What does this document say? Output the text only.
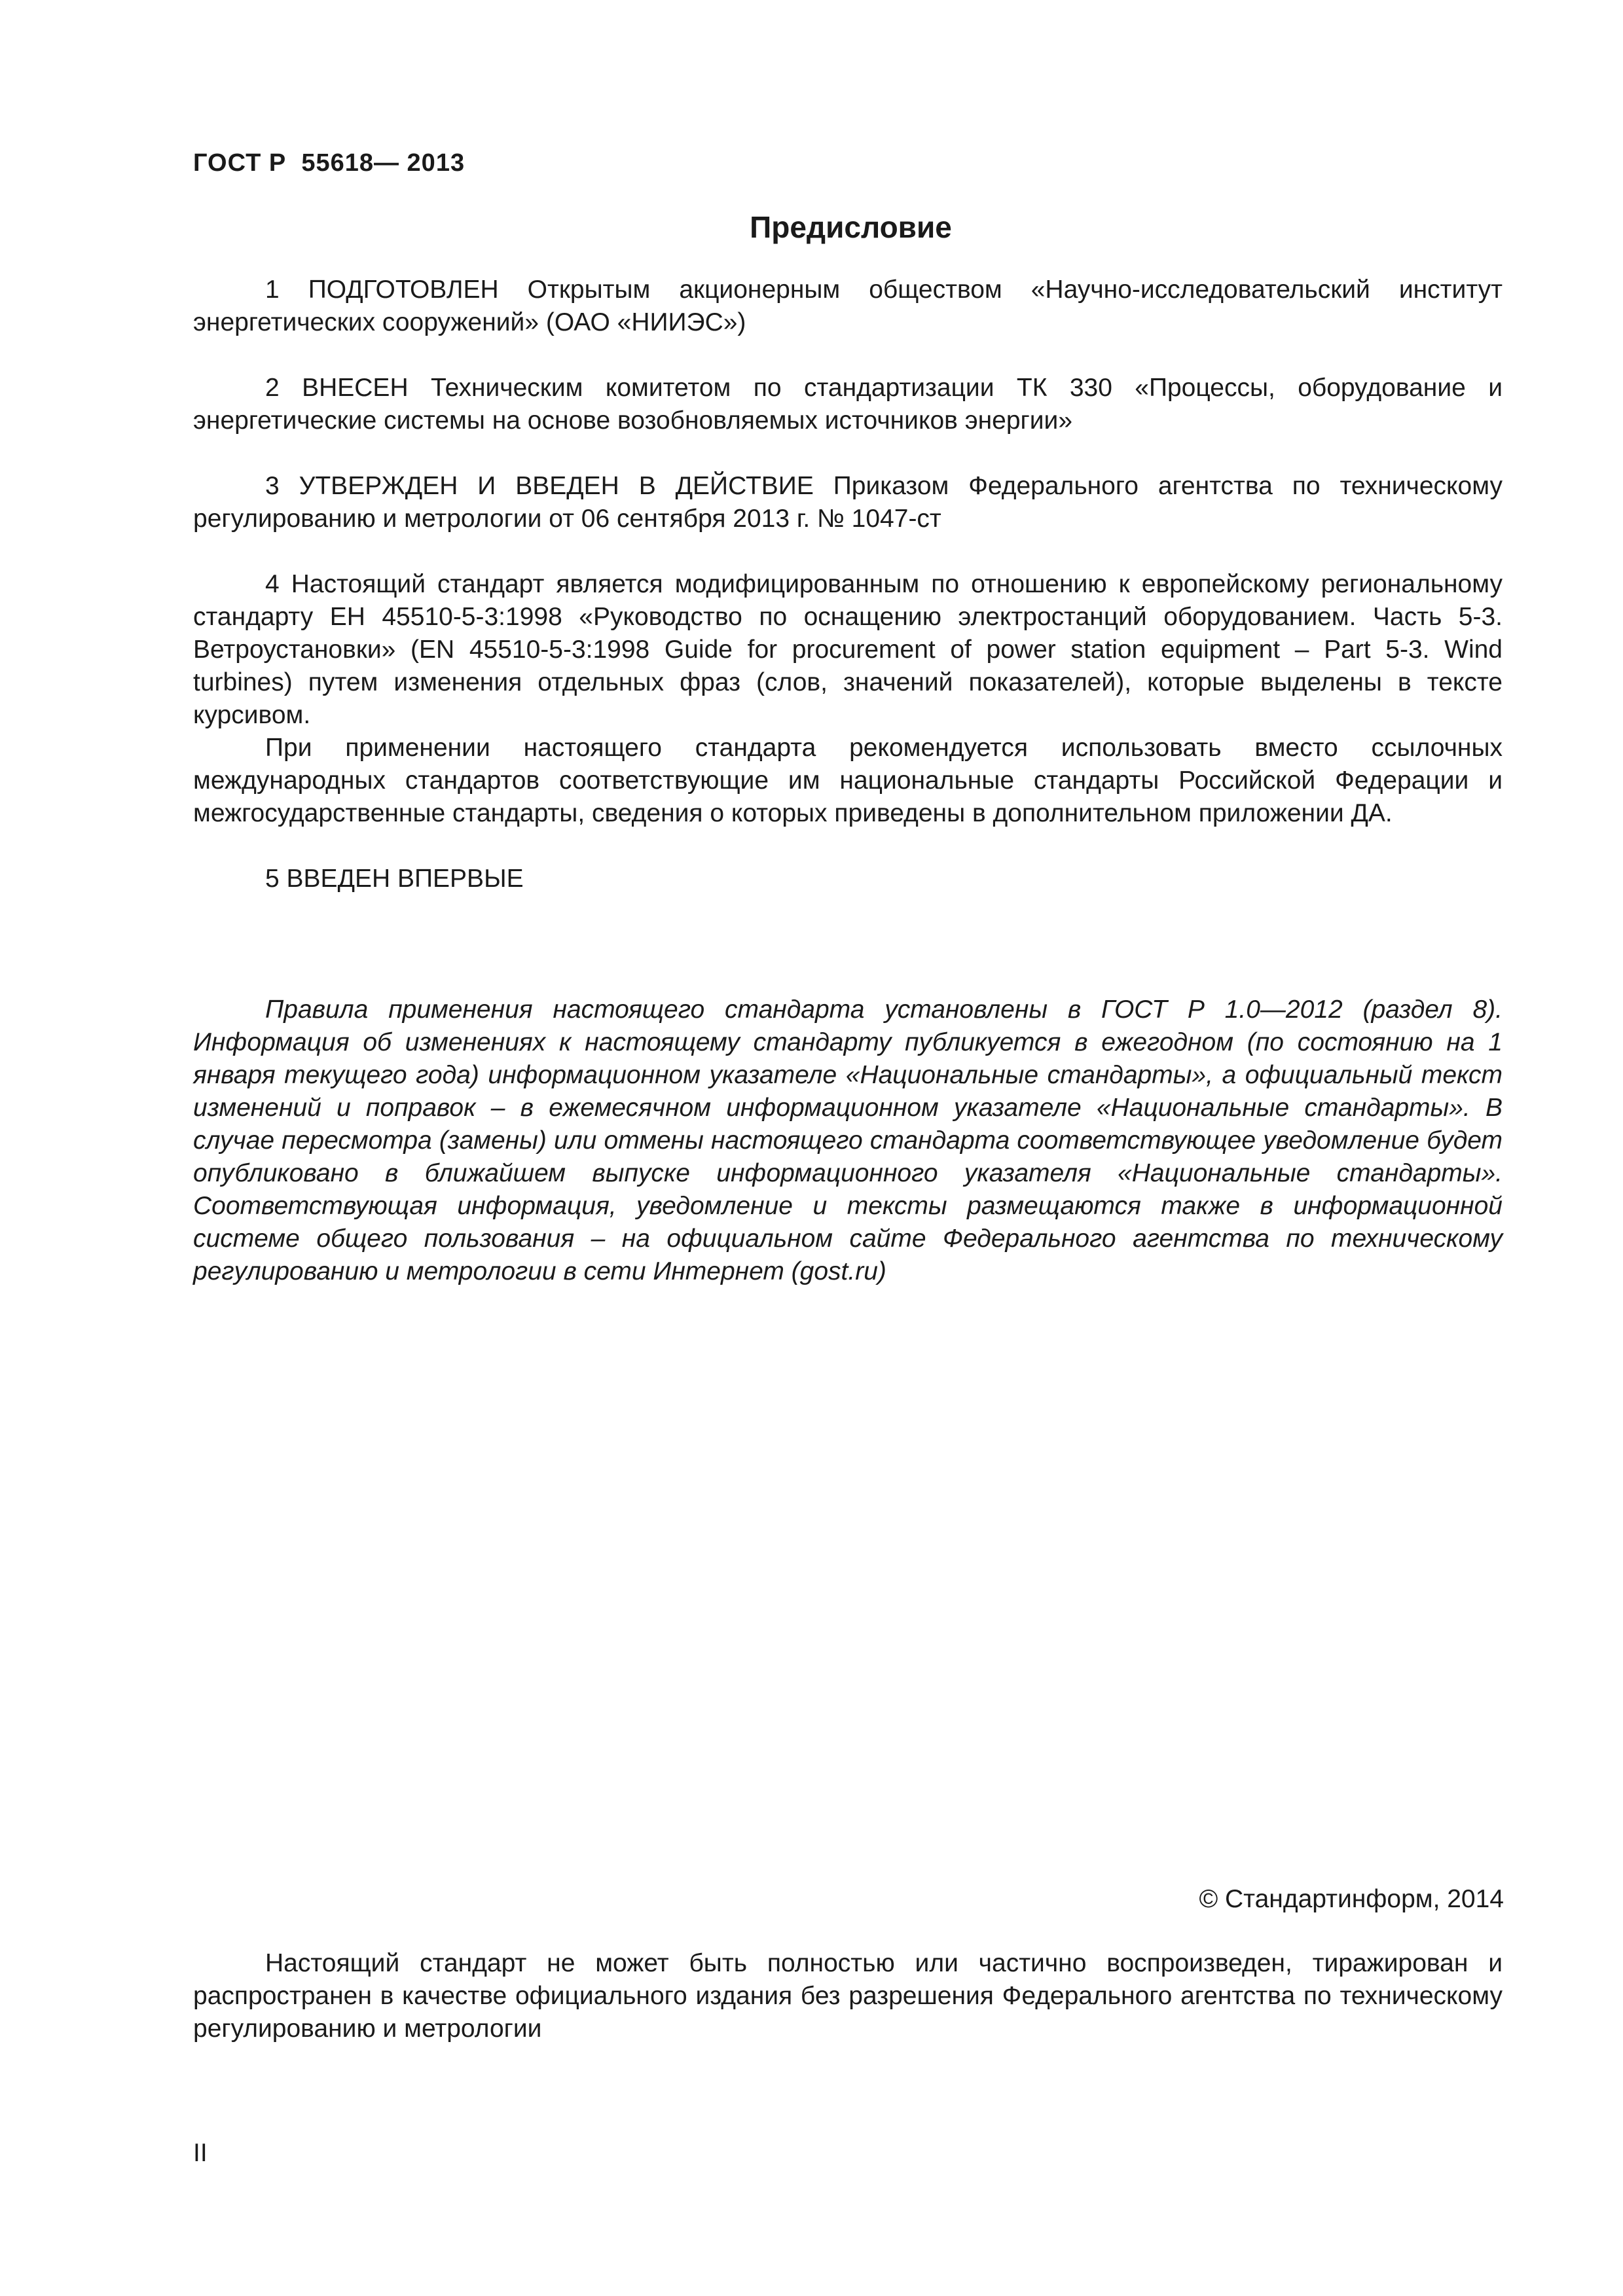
ГОСТ Р  55618— 2013
Предисловие

1 ПОДГОТОВЛЕН Открытым акционерным обществом «Научно-исследовательский институт энергетических сооружений» (ОАО «НИИЭС»)

2 ВНЕСЕН Техническим комитетом по стандартизации ТК 330 «Процессы, оборудование и энергетические системы на основе возобновляемых источников энергии»

3 УТВЕРЖДЕН И ВВЕДЕН В ДЕЙСТВИЕ Приказом Федерального агентства по техническому регулированию и метрологии от 06 сентября 2013 г. № 1047-ст

4 Настоящий стандарт является модифицированным по отношению к европейскому региональному стандарту ЕН 45510-5-3:1998 «Руководство по оснащению электростанций оборудованием. Часть 5-3. Ветроустановки» (EN 45510-5-3:1998 Guide for procurement of power station equipment – Part 5-3. Wind turbines) путем изменения отдельных фраз (слов, значений показателей), которые выделены в тексте курсивом.

При применении настоящего стандарта рекомендуется использовать вместо ссылочных международных стандартов соответствующие им национальные стандарты Российской Федерации и межгосударственные стандарты, сведения о которых приведены в дополнительном приложении ДА.

5 ВВЕДЕН ВПЕРВЫЕ

Правила применения настоящего стандарта установлены в ГОСТ Р 1.0—2012 (раздел 8). Информация об изменениях к настоящему стандарту публикуется в ежегодном (по состоянию на 1 января текущего года) информационном указателе «Национальные стандарты», а официальный текст изменений и поправок – в ежемесячном информационном указателе «Национальные стандарты». В случае пересмотра (замены) или отмены настоящего стандарта соответствующее уведомление будет опубликовано в ближайшем выпуске информационного указателя «Национальные стандарты». Соответствующая информация, уведомление и тексты размещаются также в информационной системе общего пользования – на официальном сайте Федерального агентства по техническому регулированию и метрологии в сети Интернет (gost.ru)

© Стандартинформ, 2014

Настоящий стандарт не может быть полностью или частично воспроизведен, тиражирован и распространен в качестве официального издания без разрешения Федерального агентства по техническому регулированию и метрологии

II
